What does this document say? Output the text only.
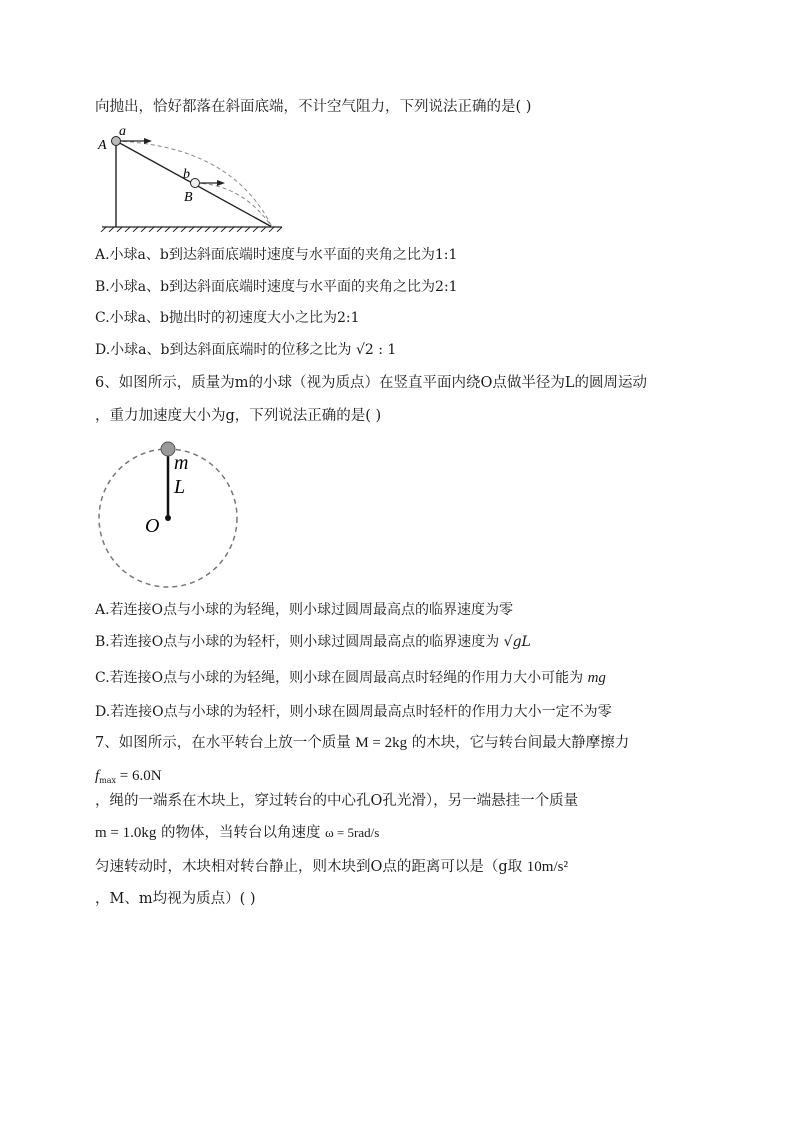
向抛出，恰好都落在斜面底端，不计空气阻力，下列说法正确的是( )
A
a
b
B
A.小球a、b到达斜面底端时速度与水平面的夹角之比为1:1
B.小球a、b到达斜面底端时速度与水平面的夹角之比为2:1
C.小球a、b抛出时的初速度大小之比为2:1
D.小球a、b到达斜面底端时的位移之比为 √2 : 1
6、如图所示，质量为m的小球（视为质点）在竖直平面内绕O点做半径为L的圆周运动
，重力加速度大小为g，下列说法正确的是( )
m
L
O
A.若连接O点与小球的为轻绳，则小球过圆周最高点的临界速度为零
B.若连接O点与小球的为轻杆，则小球过圆周最高点的临界速度为 √gL
C.若连接O点与小球的为轻绳，则小球在圆周最高点时轻绳的作用力大小可能为 mg
D.若连接O点与小球的为轻杆，则小球在圆周最高点时轻杆的作用力大小一定不为零
7、如图所示，在水平转台上放一个质量 M = 2kg 的木块，它与转台间最大静摩擦力
$f_{max} = 6.0N$
，绳的一端系在木块上，穿过转台的中心孔O孔光滑），另一端悬挂一个质量
m = 1.0kg 的物体，当转台以角速度 ω = 5rad/s
匀速转动时，木块相对转台静止，则木块到O点的距离可以是（g取 10m/s²
，M、m均视为质点）( )
